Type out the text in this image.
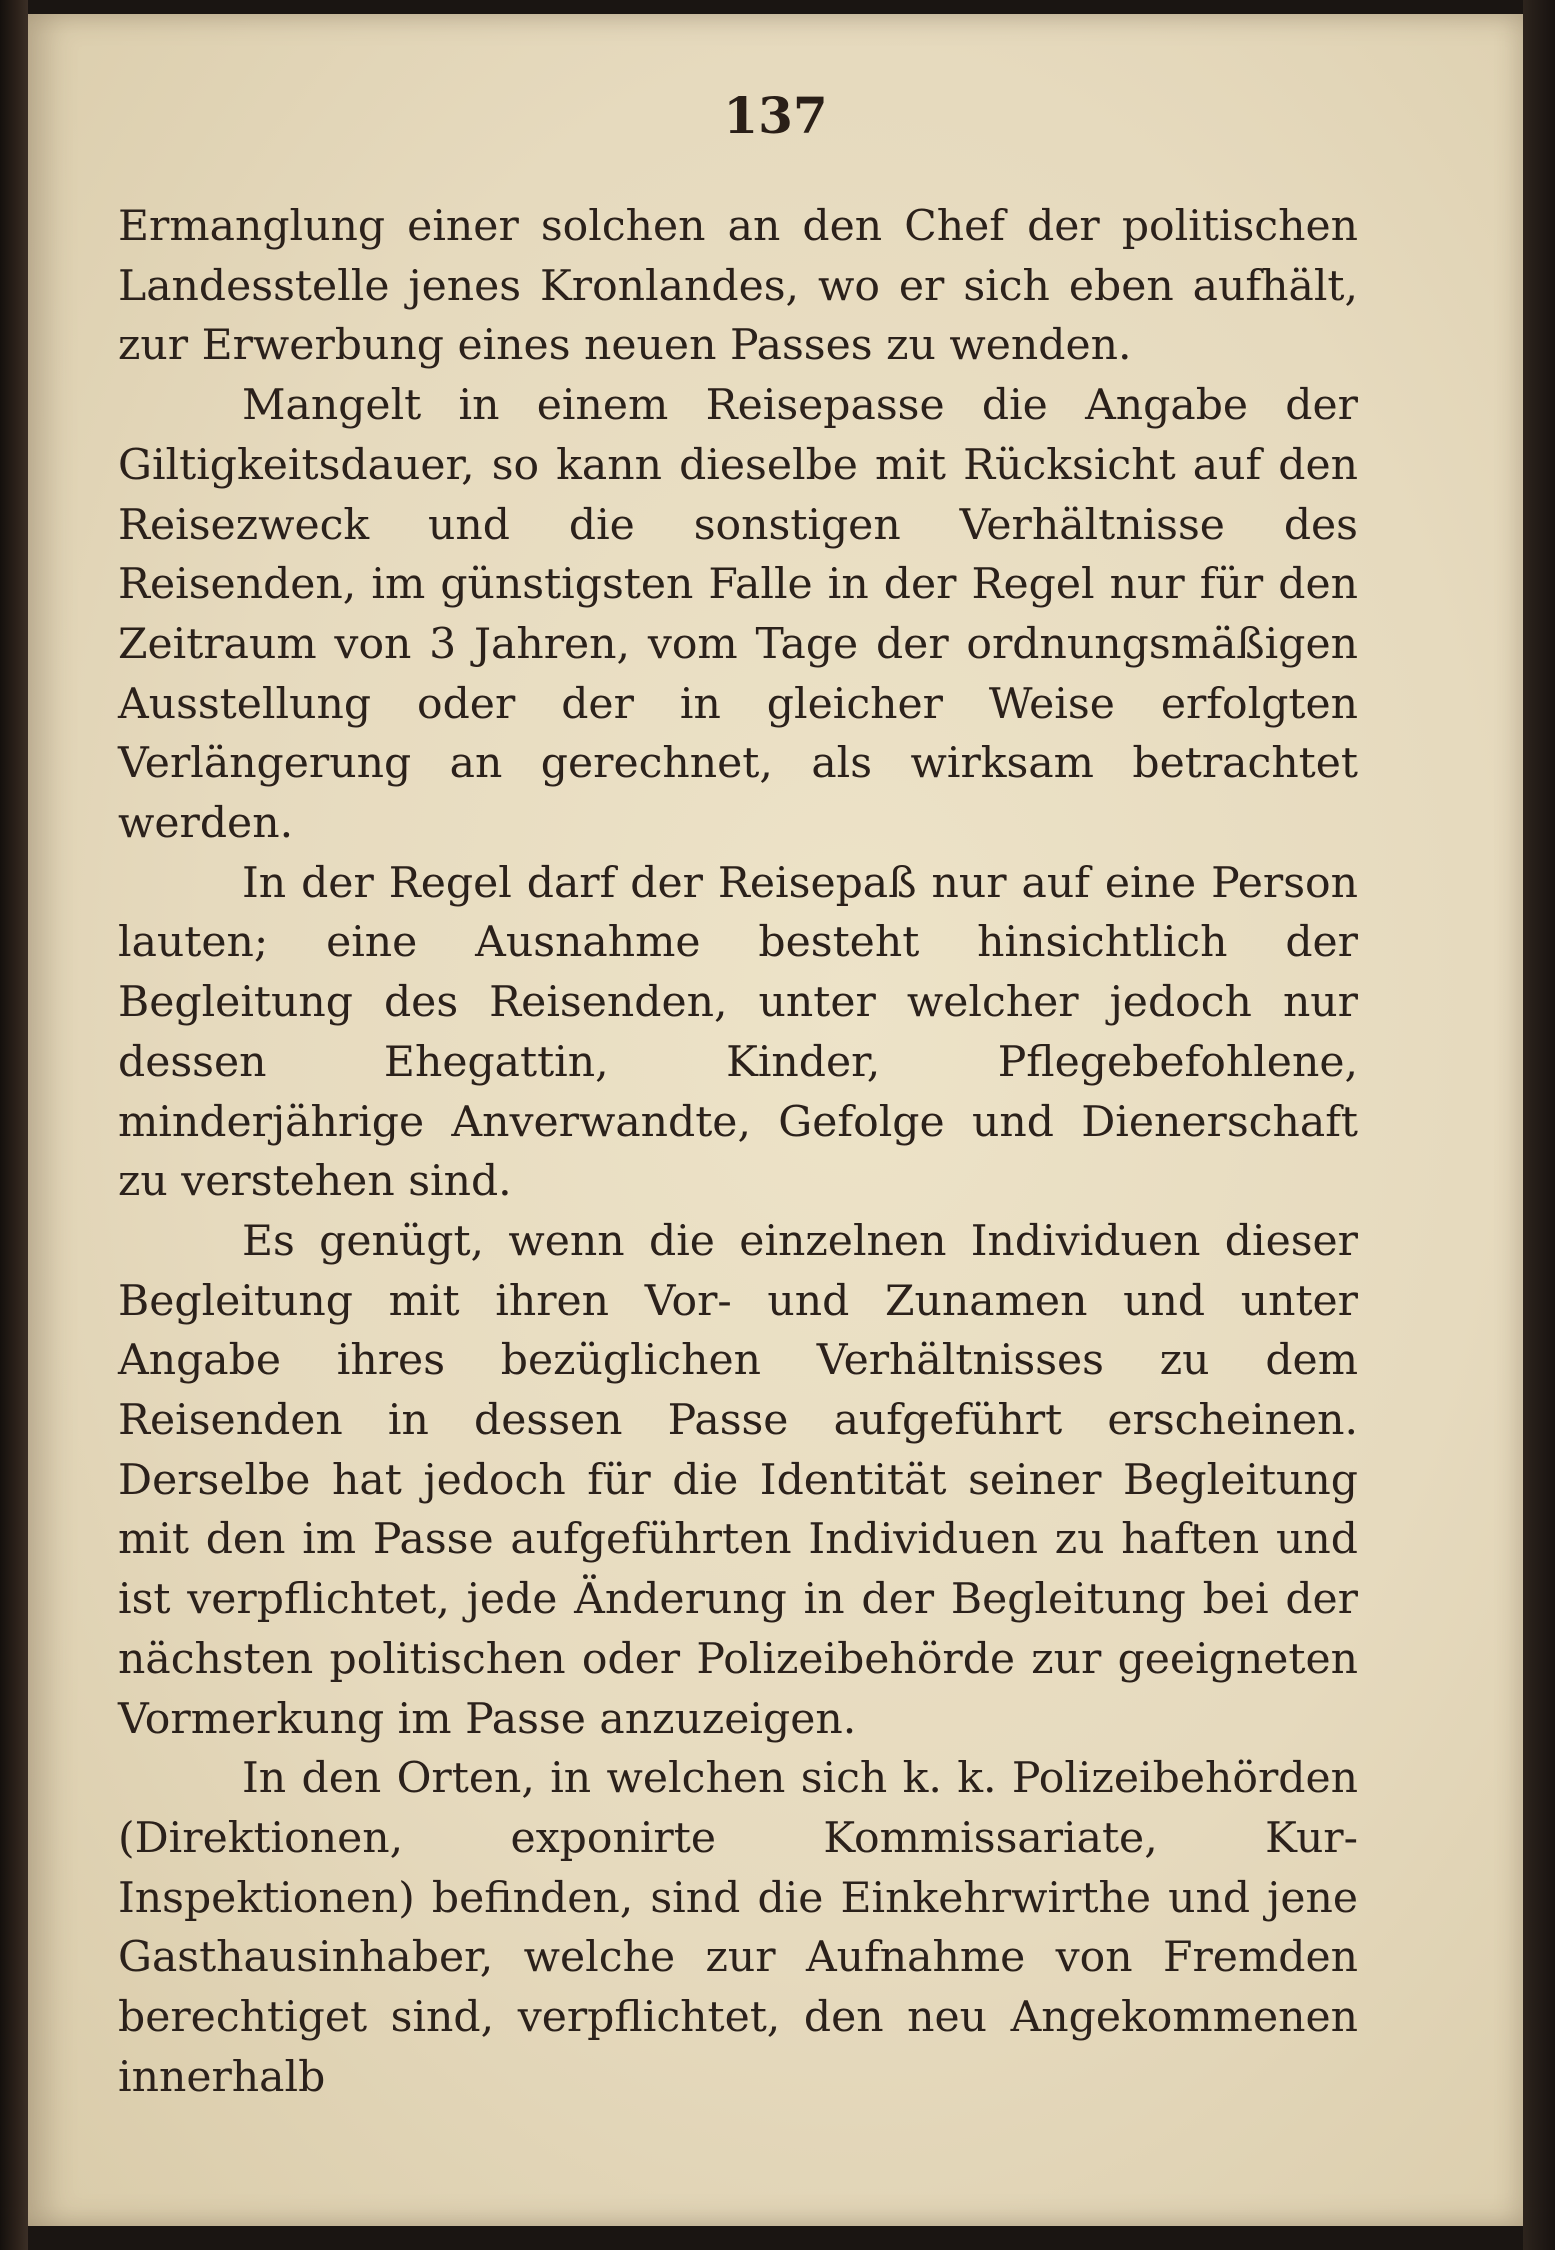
137

Ermanglung einer solchen an den Chef der politischen Landesstelle jenes Kronlandes, wo er sich eben aufhält, zur Erwerbung eines neuen Passes zu wenden.

Mangelt in einem Reisepasse die Angabe der Giltigkeitsdauer, so kann dieselbe mit Rücksicht auf den Reisezweck und die sonstigen Verhältnisse des Reisenden, im günstigsten Falle in der Regel nur für den Zeitraum von 3 Jahren, vom Tage der ordnungsmäßigen Ausstellung oder der in gleicher Weise erfolgten Verlängerung an gerechnet, als wirksam betrachtet werden.

In der Regel darf der Reisepaß nur auf eine Person lauten; eine Ausnahme besteht hinsichtlich der Begleitung des Reisenden, unter welcher jedoch nur dessen Ehegattin, Kinder, Pflegebefohlene, minderjährige Anverwandte, Gefolge und Dienerschaft zu verstehen sind.

Es genügt, wenn die einzelnen Individuen dieser Begleitung mit ihren Vor- und Zunamen und unter Angabe ihres bezüglichen Verhältnisses zu dem Reisenden in dessen Passe aufgeführt erscheinen. Derselbe hat jedoch für die Identität seiner Begleitung mit den im Passe aufgeführten Individuen zu haften und ist verpflichtet, jede Änderung in der Begleitung bei der nächsten politischen oder Polizeibehörde zur geeigneten Vormerkung im Passe anzuzeigen.

In den Orten, in welchen sich k. k. Polizeibehörden (Direktionen, exponirte Kommissariate, Kur-Inspektionen) befinden, sind die Einkehrwirthe und jene Gasthausinhaber, welche zur Aufnahme von Fremden berechtiget sind, verpflichtet, den neu Angekommenen innerhalb
